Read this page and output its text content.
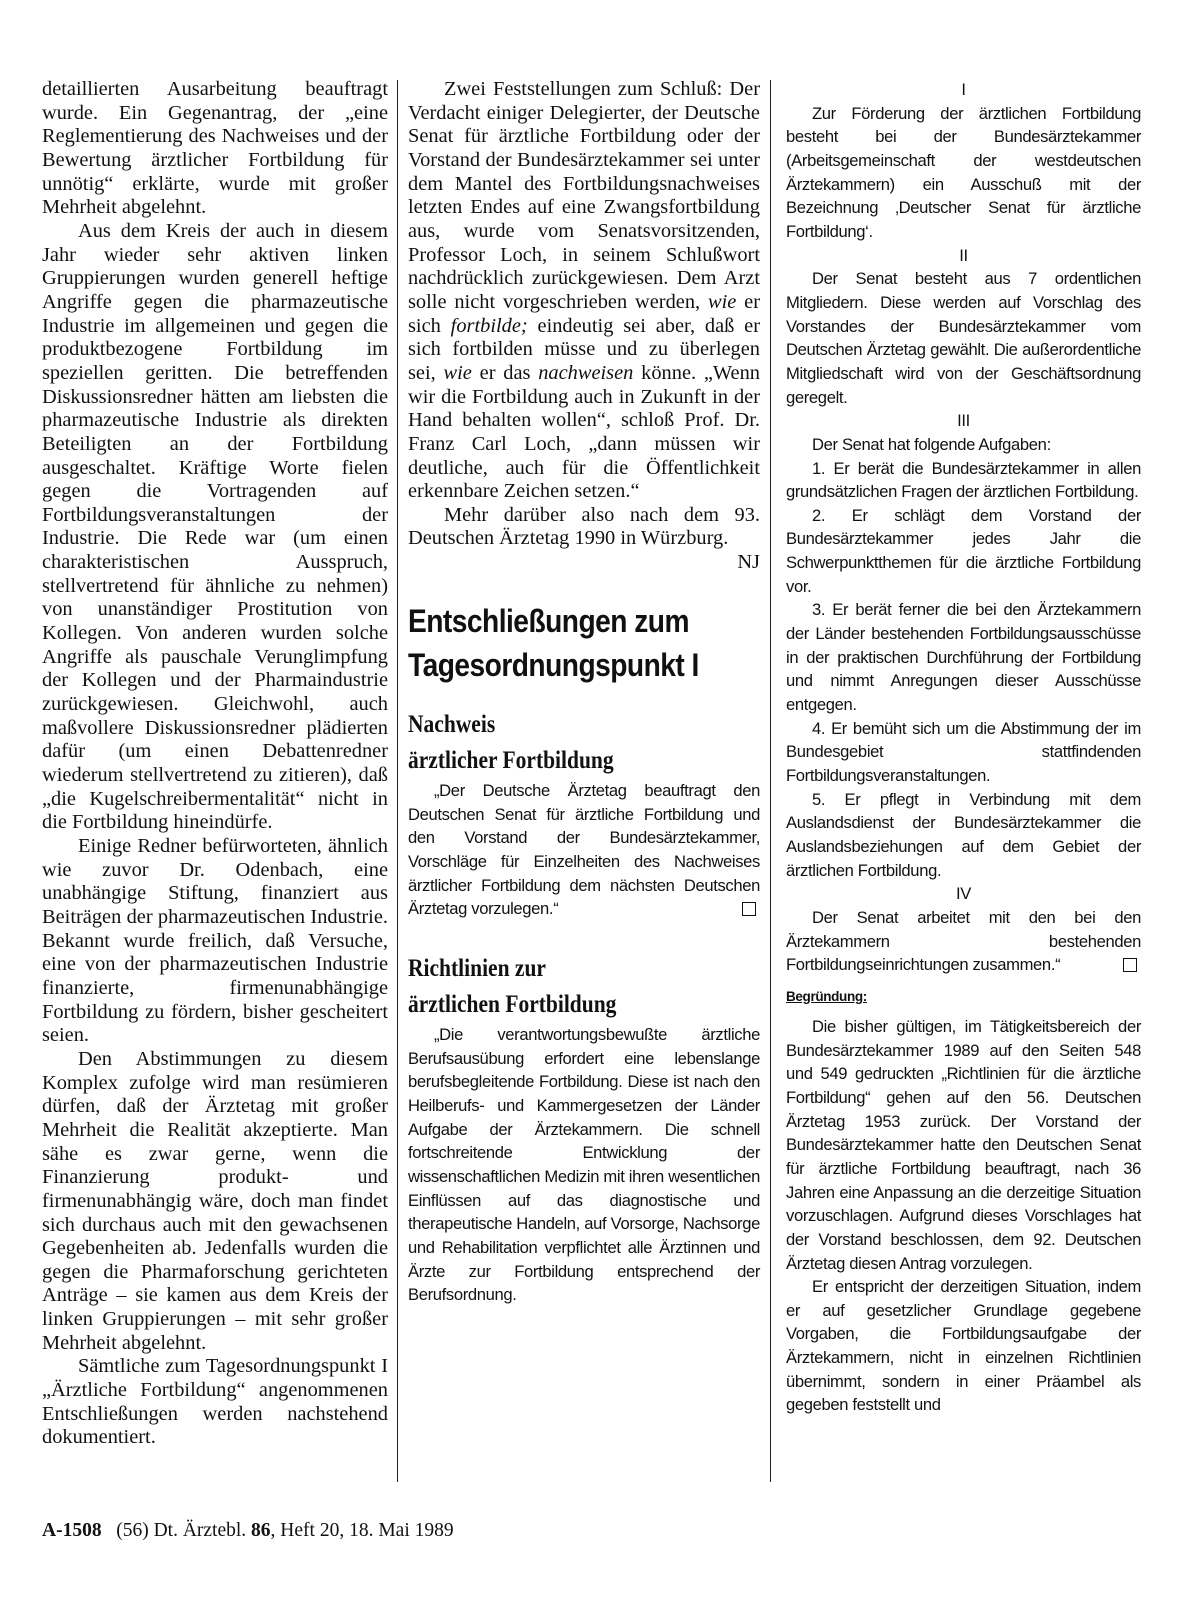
detaillierten Ausarbeitung beauftragt wurde. Ein Gegenantrag, der „eine Reglementierung des Nachweises und der Bewertung ärztlicher Fortbildung für unnötig“ erklärte, wurde mit großer Mehrheit abgelehnt.

Aus dem Kreis der auch in diesem Jahr wieder sehr aktiven linken Gruppierungen wurden generell heftige Angriffe gegen die pharmazeutische Industrie im allgemeinen und gegen die produktbezogene Fortbildung im speziellen geritten. Die betreffenden Diskussionsredner hätten am liebsten die pharmazeutische Industrie als direkten Beteiligten an der Fortbildung ausgeschaltet. Kräftige Worte fielen gegen die Vortragenden auf Fortbildungsveranstaltungen der Industrie. Die Rede war (um einen charakteristischen Ausspruch, stellvertretend für ähnliche zu nehmen) von unanständiger Prostitution von Kollegen. Von anderen wurden solche Angriffe als pauschale Verunglimpfung der Kollegen und der Pharmaindustrie zurückgewiesen. Gleichwohl, auch maßvollere Diskussionsredner plädierten dafür (um einen Debattenredner wiederum stellvertretend zu zitieren), daß „die Kugelschreibermentalität“ nicht in die Fortbildung hineindürfe.

Einige Redner befürworteten, ähnlich wie zuvor Dr. Odenbach, eine unabhängige Stiftung, finanziert aus Beiträgen der pharmazeutischen Industrie. Bekannt wurde freilich, daß Versuche, eine von der pharmazeutischen Industrie finanzierte, firmenunabhängige Fortbildung zu fördern, bisher gescheitert seien.

Den Abstimmungen zu diesem Komplex zufolge wird man resümieren dürfen, daß der Ärztetag mit großer Mehrheit die Realität akzeptierte. Man sähe es zwar gerne, wenn die Finanzierung produkt- und firmenunabhängig wäre, doch man findet sich durchaus auch mit den gewachsenen Gegebenheiten ab. Jedenfalls wurden die gegen die Pharmaforschung gerichteten Anträge – sie kamen aus dem Kreis der linken Gruppierungen – mit sehr großer Mehrheit abgelehnt.

Sämtliche zum Tagesordnungspunkt I „Ärztliche Fortbildung“ angenommenen Entschließungen werden nachstehend dokumentiert.

Zwei Feststellungen zum Schluß: Der Verdacht einiger Delegierter, der Deutsche Senat für ärztliche Fortbildung oder der Vorstand der Bundesärztekammer sei unter dem Mantel des Fortbildungsnachweises letzten Endes auf eine Zwangsfortbildung aus, wurde vom Senatsvorsitzenden, Professor Loch, in seinem Schlußwort nachdrücklich zurückgewiesen. Dem Arzt solle nicht vorgeschrieben werden, wie er sich fortbilde; eindeutig sei aber, daß er sich fortbilden müsse und zu überlegen sei, wie er das nachweisen könne. „Wenn wir die Fortbildung auch in Zukunft in der Hand behalten wollen“, schloß Prof. Dr. Franz Carl Loch, „dann müssen wir deutliche, auch für die Öffentlichkeit erkennbare Zeichen setzen.“

Mehr darüber also nach dem 93. Deutschen Ärztetag 1990 in Würzburg.
NJ

Entschließungen zum

Tagesordnungspunkt I

Nachweis

ärztlicher Fortbildung

„Der Deutsche Ärztetag beauftragt den Deutschen Senat für ärztliche Fortbildung und den Vorstand der Bundesärztekammer, Vorschläge für Einzelheiten des Nachweises ärztlicher Fortbildung dem nächsten Deutschen Ärztetag vorzulegen.“

Richtlinien zur

ärztlichen Fortbildung

„Die verantwortungsbewußte ärztliche Berufsausübung erfordert eine lebenslange berufsbegleitende Fortbildung. Diese ist nach den Heilberufs- und Kammergesetzen der Länder Aufgabe der Ärztekammern. Die schnell fortschreitende Entwicklung der wissenschaftlichen Medizin mit ihren wesentlichen Einflüssen auf das diagnostische und therapeutische Handeln, auf Vorsorge, Nachsorge und Rehabilitation verpflichtet alle Ärztinnen und Ärzte zur Fortbildung entsprechend der Berufsordnung.

I

Zur Förderung der ärztlichen Fortbildung besteht bei der Bundesärztekammer (Arbeitsgemeinschaft der westdeutschen Ärztekammern) ein Ausschuß mit der Bezeichnung ‚Deutscher Senat für ärztliche Fortbildung‘.

II

Der Senat besteht aus 7 ordentlichen Mitgliedern. Diese werden auf Vorschlag des Vorstandes der Bundesärztekammer vom Deutschen Ärztetag gewählt. Die außerordentliche Mitgliedschaft wird von der Geschäftsordnung geregelt.

III

Der Senat hat folgende Aufgaben:

1. Er berät die Bundesärztekammer in allen grundsätzlichen Fragen der ärztlichen Fortbildung.

2. Er schlägt dem Vorstand der Bundesärztekammer jedes Jahr die Schwerpunktthemen für die ärztliche Fortbildung vor.

3. Er berät ferner die bei den Ärztekammern der Länder bestehenden Fortbildungsausschüsse in der praktischen Durchführung der Fortbildung und nimmt Anregungen dieser Ausschüsse entgegen.

4. Er bemüht sich um die Abstimmung der im Bundesgebiet stattfindenden Fortbildungsveranstaltungen.

5. Er pflegt in Verbindung mit dem Auslandsdienst der Bundesärztekammer die Auslandsbeziehungen auf dem Gebiet der ärztlichen Fortbildung.

IV

Der Senat arbeitet mit den bei den Ärztekammern bestehenden Fortbildungseinrichtungen zusammen.“

Begründung:

Die bisher gültigen, im Tätigkeitsbereich der Bundesärztekammer 1989 auf den Seiten 548 und 549 gedruckten „Richtlinien für die ärztliche Fortbildung“ gehen auf den 56. Deutschen Ärztetag 1953 zurück. Der Vorstand der Bundesärztekammer hatte den Deutschen Senat für ärztliche Fortbildung beauftragt, nach 36 Jahren eine Anpassung an die derzeitige Situation vorzuschlagen. Aufgrund dieses Vorschlages hat der Vorstand beschlossen, dem 92. Deutschen Ärztetag diesen Antrag vorzulegen.

Er entspricht der derzeitigen Situation, indem er auf gesetzlicher Grundlage gegebene Vorgaben, die Fortbildungsaufgabe der Ärztekammern, nicht in einzelnen Richtlinien übernimmt, sondern in einer Präambel als gegeben feststellt und

A-1508 (56) Dt. Ärztebl. 86, Heft 20, 18. Mai 1989
